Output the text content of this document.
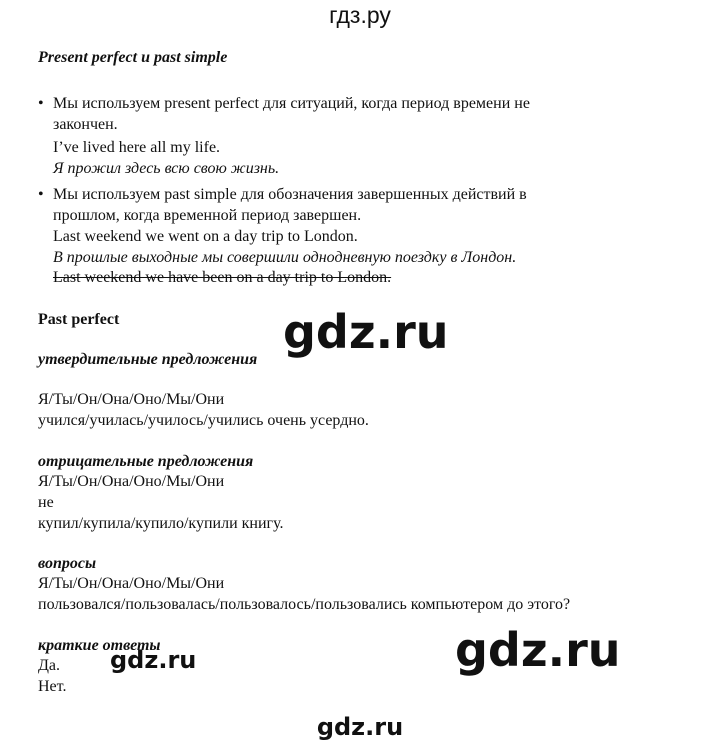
гдз.ру
Present perfect и past simple
• Мы используем present perfect для ситуаций, когда период времени не
закончен.
I’ve lived here all my life.
Я прожил здесь всю свою жизнь.
• Мы используем past simple для обозначения завершенных действий в
прошлом, когда временной период завершен.
Last weekend we went on a day trip to London.
В прошлые выходные мы совершили однодневную поездку в Лондон.
Last weekend we have been on a day trip to London.
Past perfect	gdz.ru
утвердительные предложения
Я/Ты/Он/Она/Оно/Мы/Они
учился/училась/училось/учились очень усердно.
отрицательные предложения
Я/Ты/Он/Она/Оно/Мы/Они
не
купил/купила/купило/купили книгу.
вопросы
Я/Ты/Он/Она/Оно/Мы/Они
пользовался/пользовалась/пользовалось/пользовались компьютером до этого?
краткие ответы
Да.
Нет.
gdz.ru	gdz.ru
gdz.ru
